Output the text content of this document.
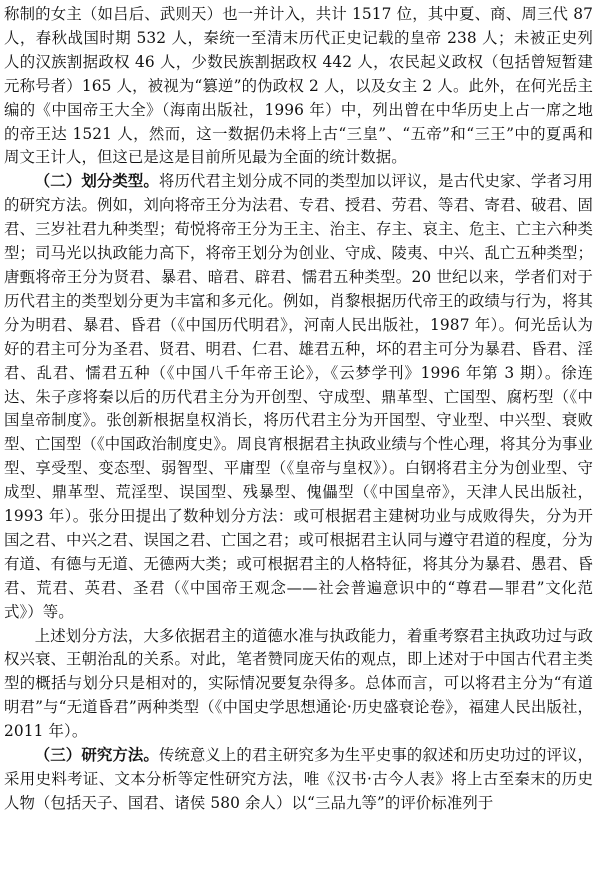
称制的女主（如吕后、武则天）也一并计入，共计 1517 位，其中夏、商、周三代 87 人，春秋战国时期 532 人，秦统一至清末历代正史记载的皇帝 238 人；未被正史列人的汉族割据政权 46 人，少数民族割据政权 442 人，农民起义政权（包括曾短暂建元称号者）165 人，被视为“篡逆”的伪政权 2 人，以及女主 2 人。此外，在何光岳主编的《中国帝王大全》（海南出版社，1996 年）中，列出曾在中华历史上占一席之地的帝王达 1521 人，然而，这一数据仍未将上古“三皇”、“五帝”和“三王”中的夏禹和周文王计人，但这已是这是目前所见最为全面的统计数据。

（二）划分类型。将历代君主划分成不同的类型加以评议，是古代史家、学者习用的研究方法。例如，刘向将帝王分为法君、专君、授君、劳君、等君、寄君、破君、固君、三岁社君九种类型；荀悦将帝王分为王主、治主、存主、哀主、危主、亡主六种类型；司马光以执政能力高下，将帝王划分为创业、守成、陵夷、中兴、乱亡五种类型；唐甄将帝王分为贤君、暴君、暗君、辟君、懦君五种类型。20 世纪以来，学者们对于历代君主的类型划分更为丰富和多元化。例如，肖黎根据历代帝王的政绩与行为，将其分为明君、暴君、昏君（《中国历代明君》，河南人民出版社，1987 年）。何光岳认为好的君主可分为圣君、贤君、明君、仁君、雄君五种，坏的君主可分为暴君、昏君、淫君、乱君、懦君五种（《中国八千年帝王论》，《云梦学刊》1996 年第 3 期）。徐连达、朱子彦将秦以后的历代君主分为开创型、守成型、鼎革型、亡国型、腐朽型（《中国皇帝制度》。张创新根据皇权消长，将历代君主分为开国型、守业型、中兴型、衰败型、亡国型（《中国政治制度史》。周良宵根据君主执政业绩与个性心理，将其分为事业型、享受型、变态型、弱智型、平庸型（《皇帝与皇权》）。白钢将君主分为创业型、守成型、鼎革型、荒淫型、误国型、残暴型、傀儡型（《中国皇帝》，天津人民出版社，1993 年）。张分田提出了数种划分方法：或可根据君主建树功业与成败得失，分为开国之君、中兴之君、误国之君、亡国之君；或可根据君主认同与遵守君道的程度，分为有道、有德与无道、无德两大类；或可根据君主的人格特征，将其分为暴君、愚君、昏君、荒君、英君、圣君（《中国帝王观念——社会普遍意识中的“尊君—罪君”文化范式》）等。

上述划分方法，大多依据君主的道德水准与执政能力，着重考察君主执政功过与政权兴衰、王朝治乱的关系。对此，笔者赞同庞天佑的观点，即上述对于中国古代君主类型的概括与划分只是相对的，实际情况要复杂得多。总体而言，可以将君主分为“有道明君”与“无道昏君”两种类型（《中国史学思想通论·历史盛衰论卷》，福建人民出版社，2011 年）。

（三）研究方法。传统意义上的君主研究多为生平史事的叙述和历史功过的评议，采用史料考证、文本分析等定性研究方法，唯《汉书·古今人表》将上古至秦末的历史人物（包括天子、国君、诸侯 580 余人）以“三品九等”的评价标准列于
